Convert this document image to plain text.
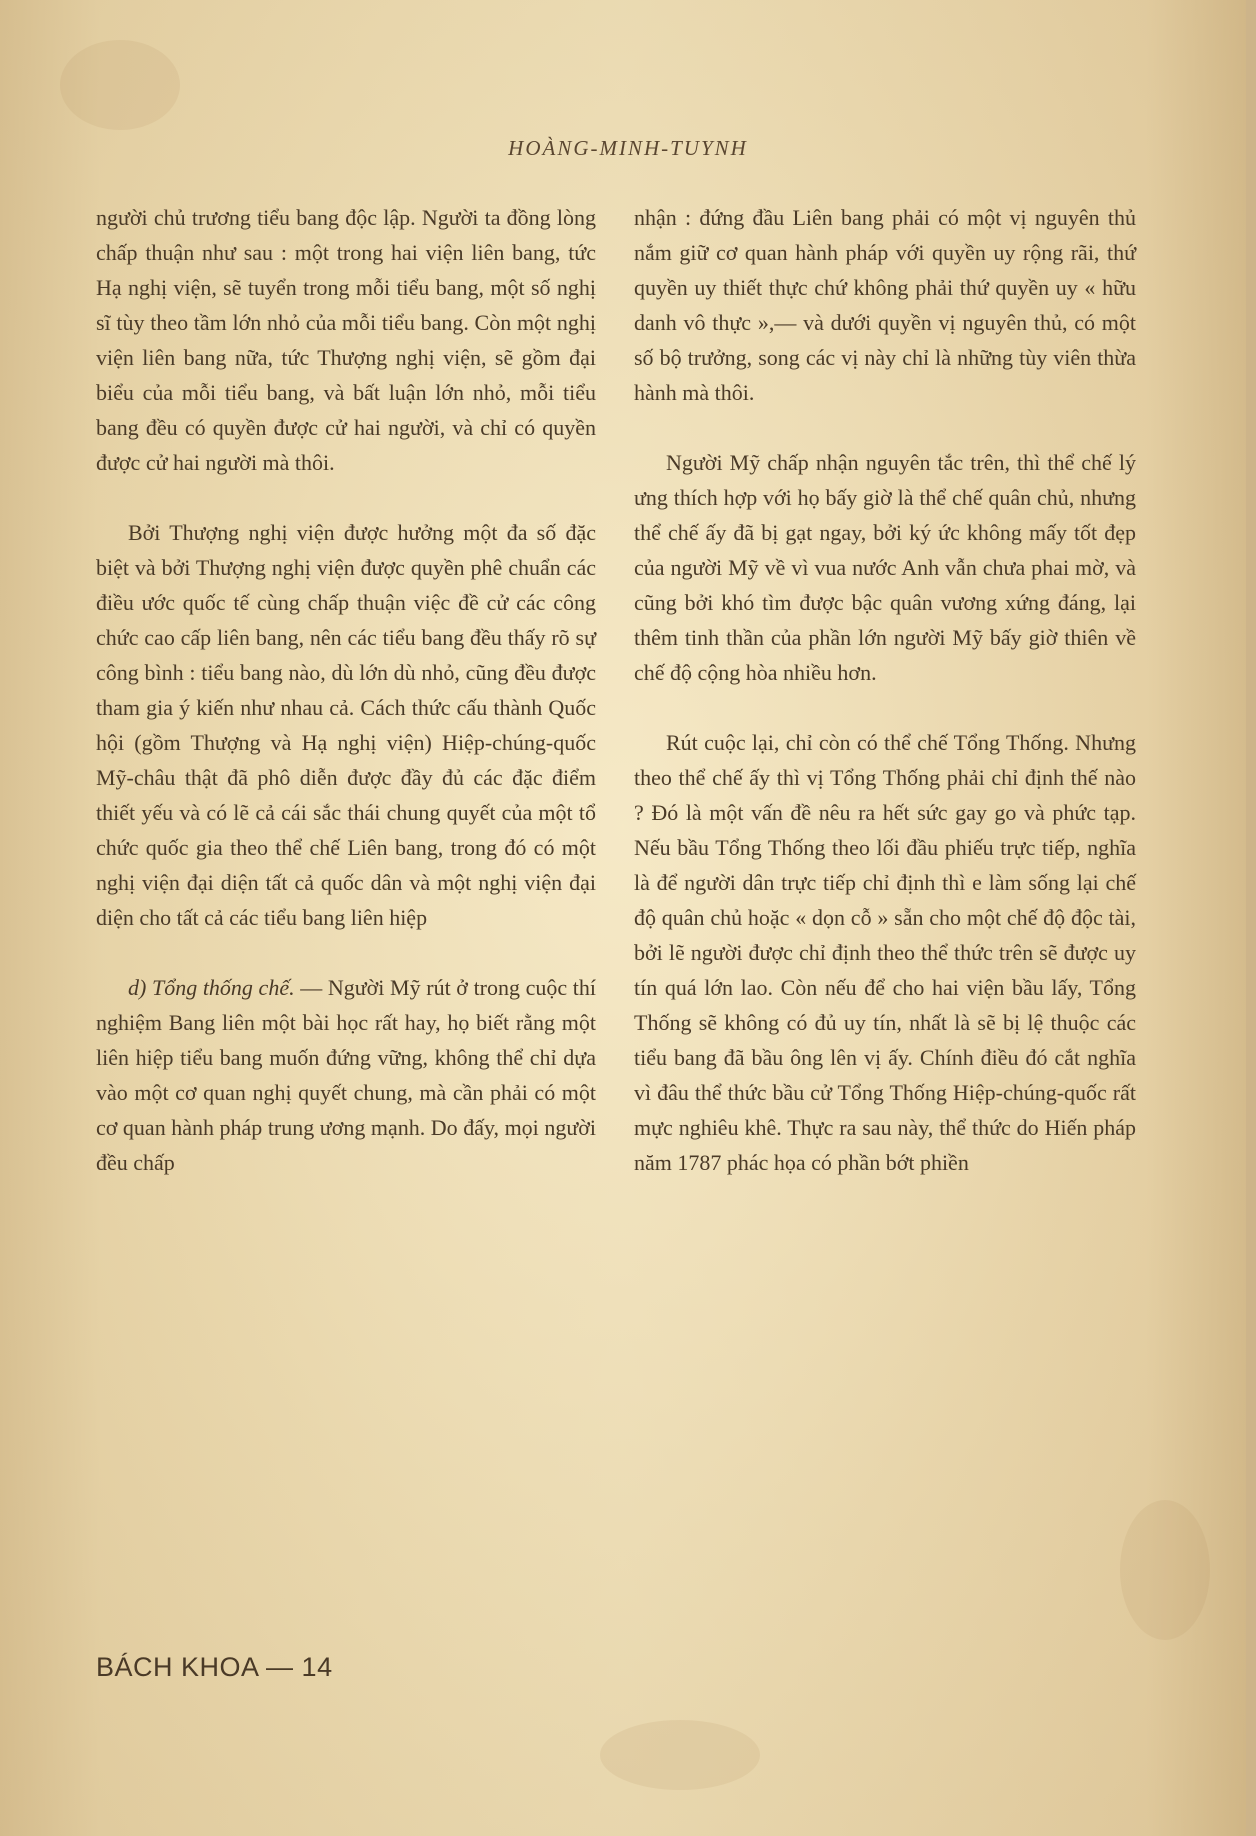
HOÀNG-MINH-TUYNH

người chủ trương tiểu bang độc lập. Người ta đồng lòng chấp thuận như sau : một trong hai viện liên bang, tức Hạ nghị viện, sẽ tuyển trong mỗi tiểu bang, một số nghị sĩ tùy theo tầm lớn nhỏ của mỗi tiểu bang. Còn một nghị viện liên bang nữa, tức Thượng nghị viện, sẽ gồm đại biểu của mỗi tiểu bang, và bất luận lớn nhỏ, mỗi tiểu bang đều có quyền được cử hai người, và chỉ có quyền được cử hai người mà thôi.

Bởi Thượng nghị viện được hưởng một đa số đặc biệt và bởi Thượng nghị viện được quyền phê chuẩn các điều ước quốc tế cùng chấp thuận việc đề cử các công chức cao cấp liên bang, nên các tiểu bang đều thấy rõ sự công bình : tiểu bang nào, dù lớn dù nhỏ, cũng đều được tham gia ý kiến như nhau cả. Cách thức cấu thành Quốc hội (gồm Thượng và Hạ nghị viện) Hiệp-chúng-quốc Mỹ-châu thật đã phô diễn được đầy đủ các đặc điểm thiết yếu và có lẽ cả cái sắc thái chung quyết của một tổ chức quốc gia theo thể chế Liên bang, trong đó có một nghị viện đại diện tất cả quốc dân và một nghị viện đại diện cho tất cả các tiểu bang liên hiệp

d) Tổng thống chế. — Người Mỹ rút ở trong cuộc thí nghiệm Bang liên một bài học rất hay, họ biết rằng một liên hiệp tiểu bang muốn đứng vững, không thể chỉ dựa vào một cơ quan nghị quyết chung, mà cần phải có một cơ quan hành pháp trung ương mạnh. Do đấy, mọi người đều chấp

nhận : đứng đầu Liên bang phải có một vị nguyên thủ nắm giữ cơ quan hành pháp với quyền uy rộng rãi, thứ quyền uy thiết thực chứ không phải thứ quyền uy « hữu danh vô thực »,— và dưới quyền vị nguyên thủ, có một số bộ trưởng, song các vị này chỉ là những tùy viên thừa hành mà thôi.

Người Mỹ chấp nhận nguyên tắc trên, thì thể chế lý ưng thích hợp với họ bấy giờ là thể chế quân chủ, nhưng thể chế ấy đã bị gạt ngay, bởi ký ức không mấy tốt đẹp của người Mỹ về vì vua nước Anh vẫn chưa phai mờ, và cũng bởi khó tìm được bậc quân vương xứng đáng, lại thêm tinh thần của phần lớn người Mỹ bấy giờ thiên về chế độ cộng hòa nhiều hơn.

Rút cuộc lại, chỉ còn có thể chế Tổng Thống. Nhưng theo thể chế ấy thì vị Tổng Thống phải chỉ định thế nào ? Đó là một vấn đề nêu ra hết sức gay go và phức tạp. Nếu bầu Tổng Thống theo lối đầu phiếu trực tiếp, nghĩa là để người dân trực tiếp chỉ định thì e làm sống lại chế độ quân chủ hoặc « dọn cỗ » sẵn cho một chế độ độc tài, bởi lẽ người được chỉ định theo thể thức trên sẽ được uy tín quá lớn lao. Còn nếu để cho hai viện bầu lấy, Tổng Thống sẽ không có đủ uy tín, nhất là sẽ bị lệ thuộc các tiểu bang đã bầu ông lên vị ấy. Chính điều đó cắt nghĩa vì đâu thể thức bầu cử Tổng Thống Hiệp-chúng-quốc rất mực nghiêu khê. Thực ra sau này, thể thức do Hiến pháp năm 1787 phác họa có phần bớt phiền

BÁCH KHOA — 14
